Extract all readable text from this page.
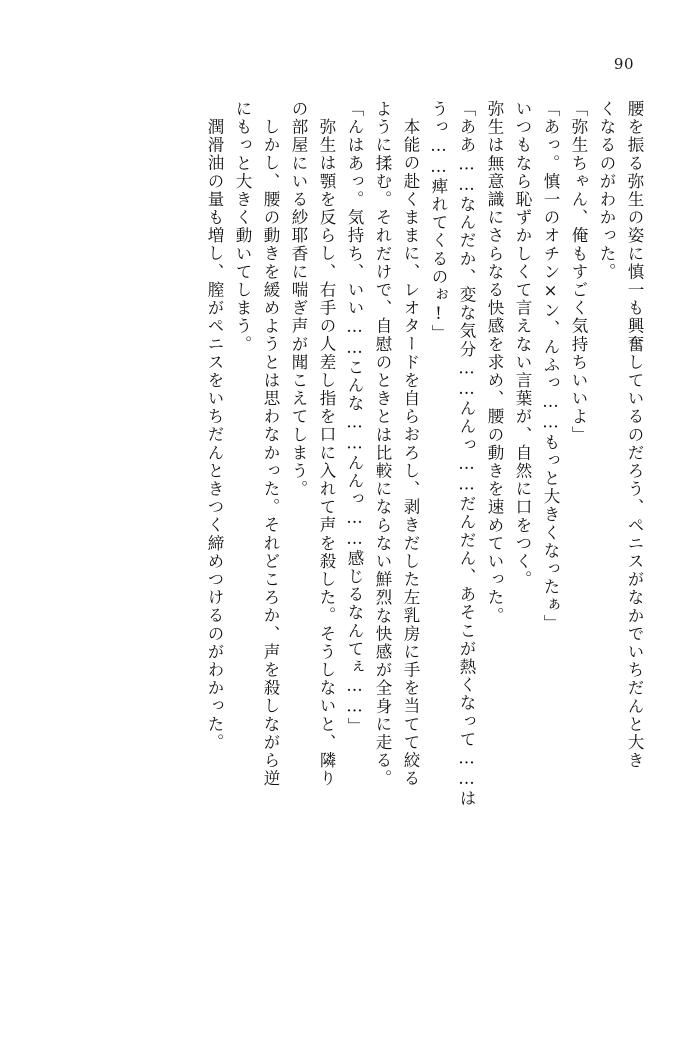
90
腰を振る弥生の姿に慎一も興奮しているのだろう、ペニスがなかでいちだんと大き
くなるのがわかった。
「弥生ちゃん、俺もすごく気持ちいいよ」
「あっ。慎一のオチン×ン、んふっ……もっと大きくなったぁ」
いつもなら恥ずかしくて言えない言葉が、自然に口をつく。
弥生は無意識にさらなる快感を求め、腰の動きを速めていった。
「ああ……なんだか、変な気分……んんっ……だんだん、あそこが熱くなって……は
うっ……痺れてくるのぉ!」
本能の赴くままに、レオタードを自らおろし、剥きだした左乳房に手を当てて絞る
ように揉む。それだけで、自慰のときとは比較にならない鮮烈な快感が全身に走る。
「んはあっ。気持ち、いい……こんな……んんっ……感じるなんてぇ……」
弥生は顎を反らし、右手の人差し指を口に入れて声を殺した。そうしないと、隣り
の部屋にいる紗耶香に喘ぎ声が聞こえてしまう。
しかし、腰の動きを緩めようとは思わなかった。それどころか、声を殺しながら逆
にもっと大きく動いてしまう。
潤滑油の量も増し、膣がペニスをいちだんときつく締めつけるのがわかった。
